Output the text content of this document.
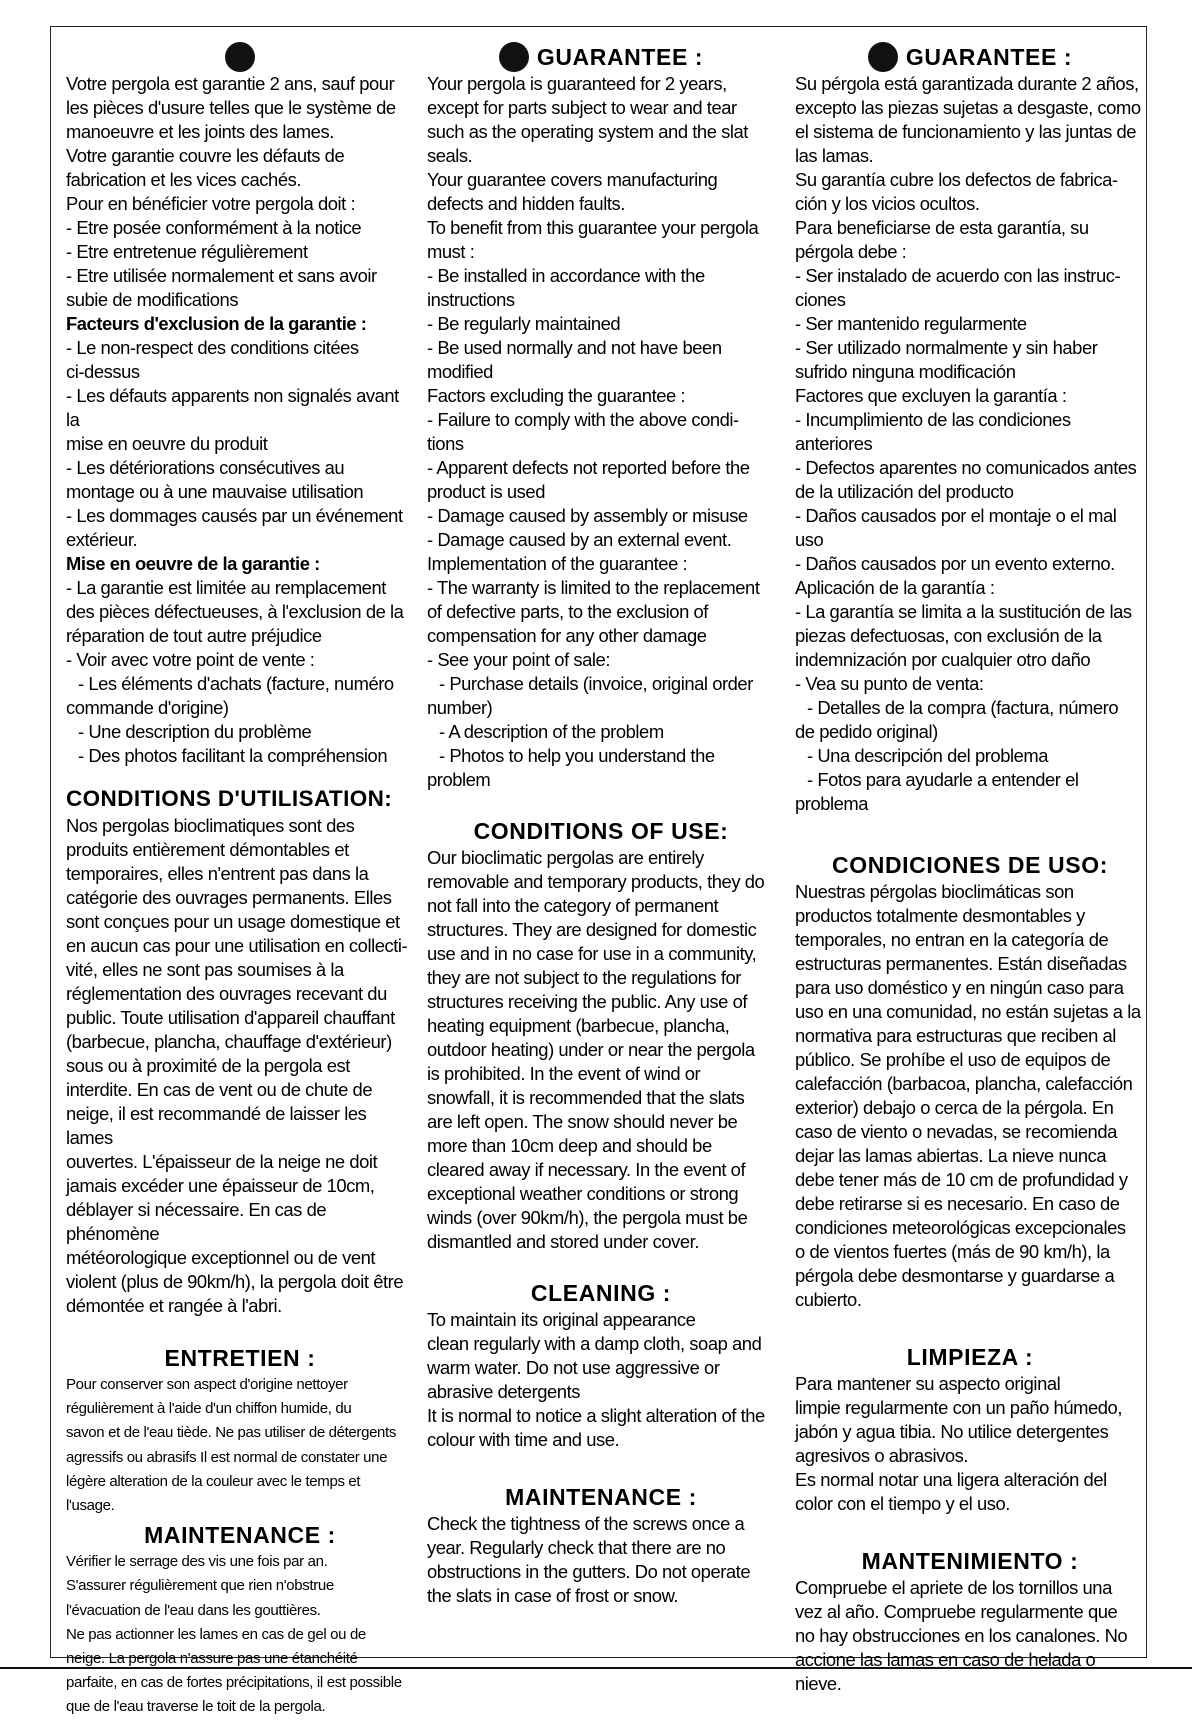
Votre pergola est garantie 2 ans, sauf pour

les pièces d'usure telles que le système de

manoeuvre et les joints des lames.

Votre garantie couvre les défauts de

fabrication et les vices cachés.

Pour en bénéficier votre pergola doit :

- Etre posée conformément à la notice

- Etre entretenue régulièrement

- Etre utilisée normalement et sans avoir

subie de modifications

Facteurs d'exclusion de la garantie :

- Le non-respect des conditions citées

ci-dessus

- Les défauts apparents non signalés avant la

mise en oeuvre du produit

- Les détériorations consécutives au

montage ou à une mauvaise utilisation

- Les dommages causés par un événement

extérieur.

Mise en oeuvre de la garantie :

- La garantie est limitée au remplacement

des pièces défectueuses, à l'exclusion de la

réparation de tout autre préjudice

- Voir avec votre point de vente :

- Les éléments d'achats (facture, numéro

commande d'origine)

- Une description du problème

- Des photos facilitant la compréhension

CONDITIONS D'UTILISATION:

Nos pergolas bioclimatiques sont des

produits entièrement démontables et

temporaires, elles n'entrent pas dans la

catégorie des ouvrages permanents. Elles

sont conçues pour un usage domestique et

en aucun cas pour une utilisation en collecti-

vité, elles ne sont pas soumises à la

réglementation des ouvrages recevant du

public. Toute utilisation d'appareil chauffant

(barbecue, plancha, chauffage d'extérieur)

sous ou à proximité de la pergola est

interdite. En cas de vent ou de chute de

neige, il est recommandé de laisser les lames

ouvertes. L'épaisseur de la neige ne doit

jamais excéder une épaisseur de 10cm,

déblayer si nécessaire. En cas de phénomène

météorologique exceptionnel ou de vent

violent (plus de 90km/h), la pergola doit être

démontée et rangée à l'abri.

ENTRETIEN :

Pour conserver son aspect d'origine nettoyer

régulièrement à l'aide d'un chiffon humide, du

savon et de l'eau tiède. Ne pas utiliser de détergents

agressifs ou abrasifs Il est normal de constater une

légère alteration de la couleur avec le temps et

l'usage.

MAINTENANCE :

Vérifier le serrage des vis une fois par an.

S'assurer régulièrement que rien n'obstrue

l'évacuation de l'eau dans les gouttières.

Ne pas actionner les lames en cas de gel ou de

neige. La pergola n'assure pas une étanchéité

parfaite, en cas de fortes précipitations, il est possible

que de l'eau traverse le toit de la pergola.

GUARANTEE :

Your pergola is guaranteed for 2 years,

except for parts subject to wear and tear

such as the operating system and the slat

seals.

Your guarantee covers manufacturing

defects and hidden faults.

To benefit from this guarantee your pergola

must :

- Be installed in accordance with the

instructions

- Be regularly maintained

- Be used normally and not have been

modified

Factors excluding the guarantee :

- Failure to comply with the above condi-

tions

- Apparent defects not reported before the

product is used

- Damage caused by assembly or misuse

- Damage caused by an external event.

Implementation of the guarantee :

- The warranty is limited to the replacement

of defective parts, to the exclusion of

compensation for any other damage

- See your point of sale:

- Purchase details (invoice, original order

number)

- A description of the problem

- Photos to help you understand the

problem

CONDITIONS OF USE:

Our bioclimatic pergolas are entirely

removable and temporary products, they do

not fall into the category of permanent

structures. They are designed for domestic

use and in no case for use in a community,

they are not subject to the regulations for

structures receiving the public. Any use of

heating equipment (barbecue, plancha,

outdoor heating) under or near the pergola

is prohibited. In the event of wind or

snowfall, it is recommended that the slats

are left open. The snow should never be

more than 10cm deep and should be

cleared away if necessary. In the event of

exceptional weather conditions or strong

winds (over 90km/h), the pergola must be

dismantled and stored under cover.

CLEANING :

To maintain its original appearance

clean regularly with a damp cloth, soap and

warm water. Do not use aggressive or

abrasive detergents

It is normal to notice a slight alteration of the

colour with time and use.

MAINTENANCE :

Check the tightness of the screws once a

year. Regularly check that there are no

obstructions in the gutters. Do not operate

the slats in case of frost or snow.

GUARANTEE :

Su pérgola está garantizada durante 2 años,

excepto las piezas sujetas a desgaste, como

el sistema de funcionamiento y las juntas de

las lamas.

Su garantía cubre los defectos de fabrica-

ción y los vicios ocultos.

Para beneficiarse de esta garantía, su

pérgola debe :

- Ser instalado de acuerdo con las instruc-

ciones

- Ser mantenido regularmente

- Ser utilizado normalmente y sin haber

sufrido ninguna modificación

Factores que excluyen la garantía :

- Incumplimiento de las condiciones

anteriores

- Defectos aparentes no comunicados antes

de la utilización del producto

- Daños causados por el montaje o el mal

uso

- Daños causados por un evento externo.

Aplicación de la garantía :

- La garantía se limita a la sustitución de las

piezas defectuosas, con exclusión de la

indemnización por cualquier otro daño

- Vea su punto de venta:

- Detalles de la compra (factura, número

de pedido original)

- Una descripción del problema

- Fotos para ayudarle a entender el

problema

CONDICIONES DE USO:

Nuestras pérgolas bioclimáticas son

productos totalmente desmontables y

temporales, no entran en la categoría de

estructuras permanentes. Están diseñadas

para uso doméstico y en ningún caso para

uso en una comunidad, no están sujetas a la

normativa para estructuras que reciben al

público. Se prohíbe el uso de equipos de

calefacción (barbacoa, plancha, calefacción

exterior) debajo o cerca de la pérgola. En

caso de viento o nevadas, se recomienda

dejar las lamas abiertas. La nieve nunca

debe tener más de 10 cm de profundidad y

debe retirarse si es necesario. En caso de

condiciones meteorológicas excepcionales

o de vientos fuertes (más de 90 km/h), la

pérgola debe desmontarse y guardarse a

cubierto.

LIMPIEZA :

Para mantener su aspecto original

limpie regularmente con un paño húmedo,

jabón y agua tibia. No utilice detergentes

agresivos o abrasivos.

Es normal notar una ligera alteración del

color con el tiempo y el uso.

MANTENIMIENTO :

Compruebe el apriete de los tornillos una

vez al año. Compruebe regularmente que

no hay obstrucciones en los canalones. No

accione las lamas en caso de helada o nieve.
